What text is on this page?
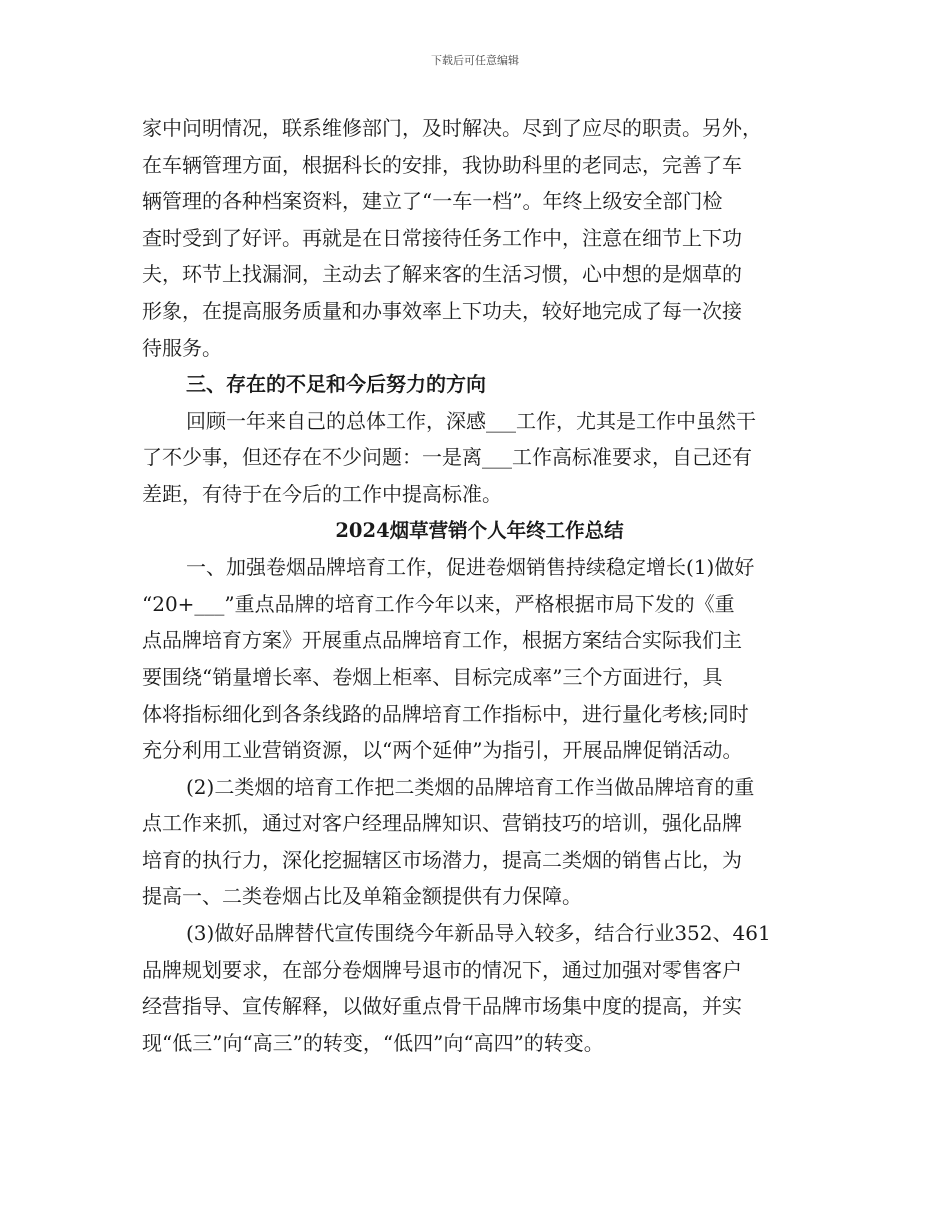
下载后可任意编辑
家中问明情况，联系维修部门，及时解决。尽到了应尽的职责。另外，
在车辆管理方面，根据科长的安排，我协助科里的老同志，完善了车
辆管理的各种档案资料，建立了“一车一档”。年终上级安全部门检
查时受到了好评。再就是在日常接待任务工作中，注意在细节上下功
夫，环节上找漏洞，主动去了解来客的生活习惯，心中想的是烟草的
形象，在提高服务质量和办事效率上下功夫，较好地完成了每一次接
待服务。
三、存在的不足和今后努力的方向
回顾一年来自己的总体工作，深感___工作，尤其是工作中虽然干
了不少事，但还存在不少问题：一是离___工作高标准要求，自己还有
差距，有待于在今后的工作中提高标准。
2024烟草营销个人年终工作总结
一、加强卷烟品牌培育工作，促进卷烟销售持续稳定增长(1)做好
“20+___”重点品牌的培育工作今年以来，严格根据市局下发的《重
点品牌培育方案》开展重点品牌培育工作，根据方案结合实际我们主
要围绕“销量增长率、卷烟上柜率、目标完成率”三个方面进行，具
体将指标细化到各条线路的品牌培育工作指标中，进行量化考核;同时
充分利用工业营销资源，以“两个延伸”为指引，开展品牌促销活动。
(2)二类烟的培育工作把二类烟的品牌培育工作当做品牌培育的重
点工作来抓，通过对客户经理品牌知识、营销技巧的培训，强化品牌
培育的执行力，深化挖掘辖区市场潜力，提高二类烟的销售占比，为
提高一、二类卷烟占比及单箱金额提供有力保障。
(3)做好品牌替代宣传围绕今年新品导入较多，结合行业352、461
品牌规划要求，在部分卷烟牌号退市的情况下，通过加强对零售客户
经营指导、宣传解释，以做好重点骨干品牌市场集中度的提高，并实
现“低三”向“高三”的转变，“低四”向“高四”的转变。
